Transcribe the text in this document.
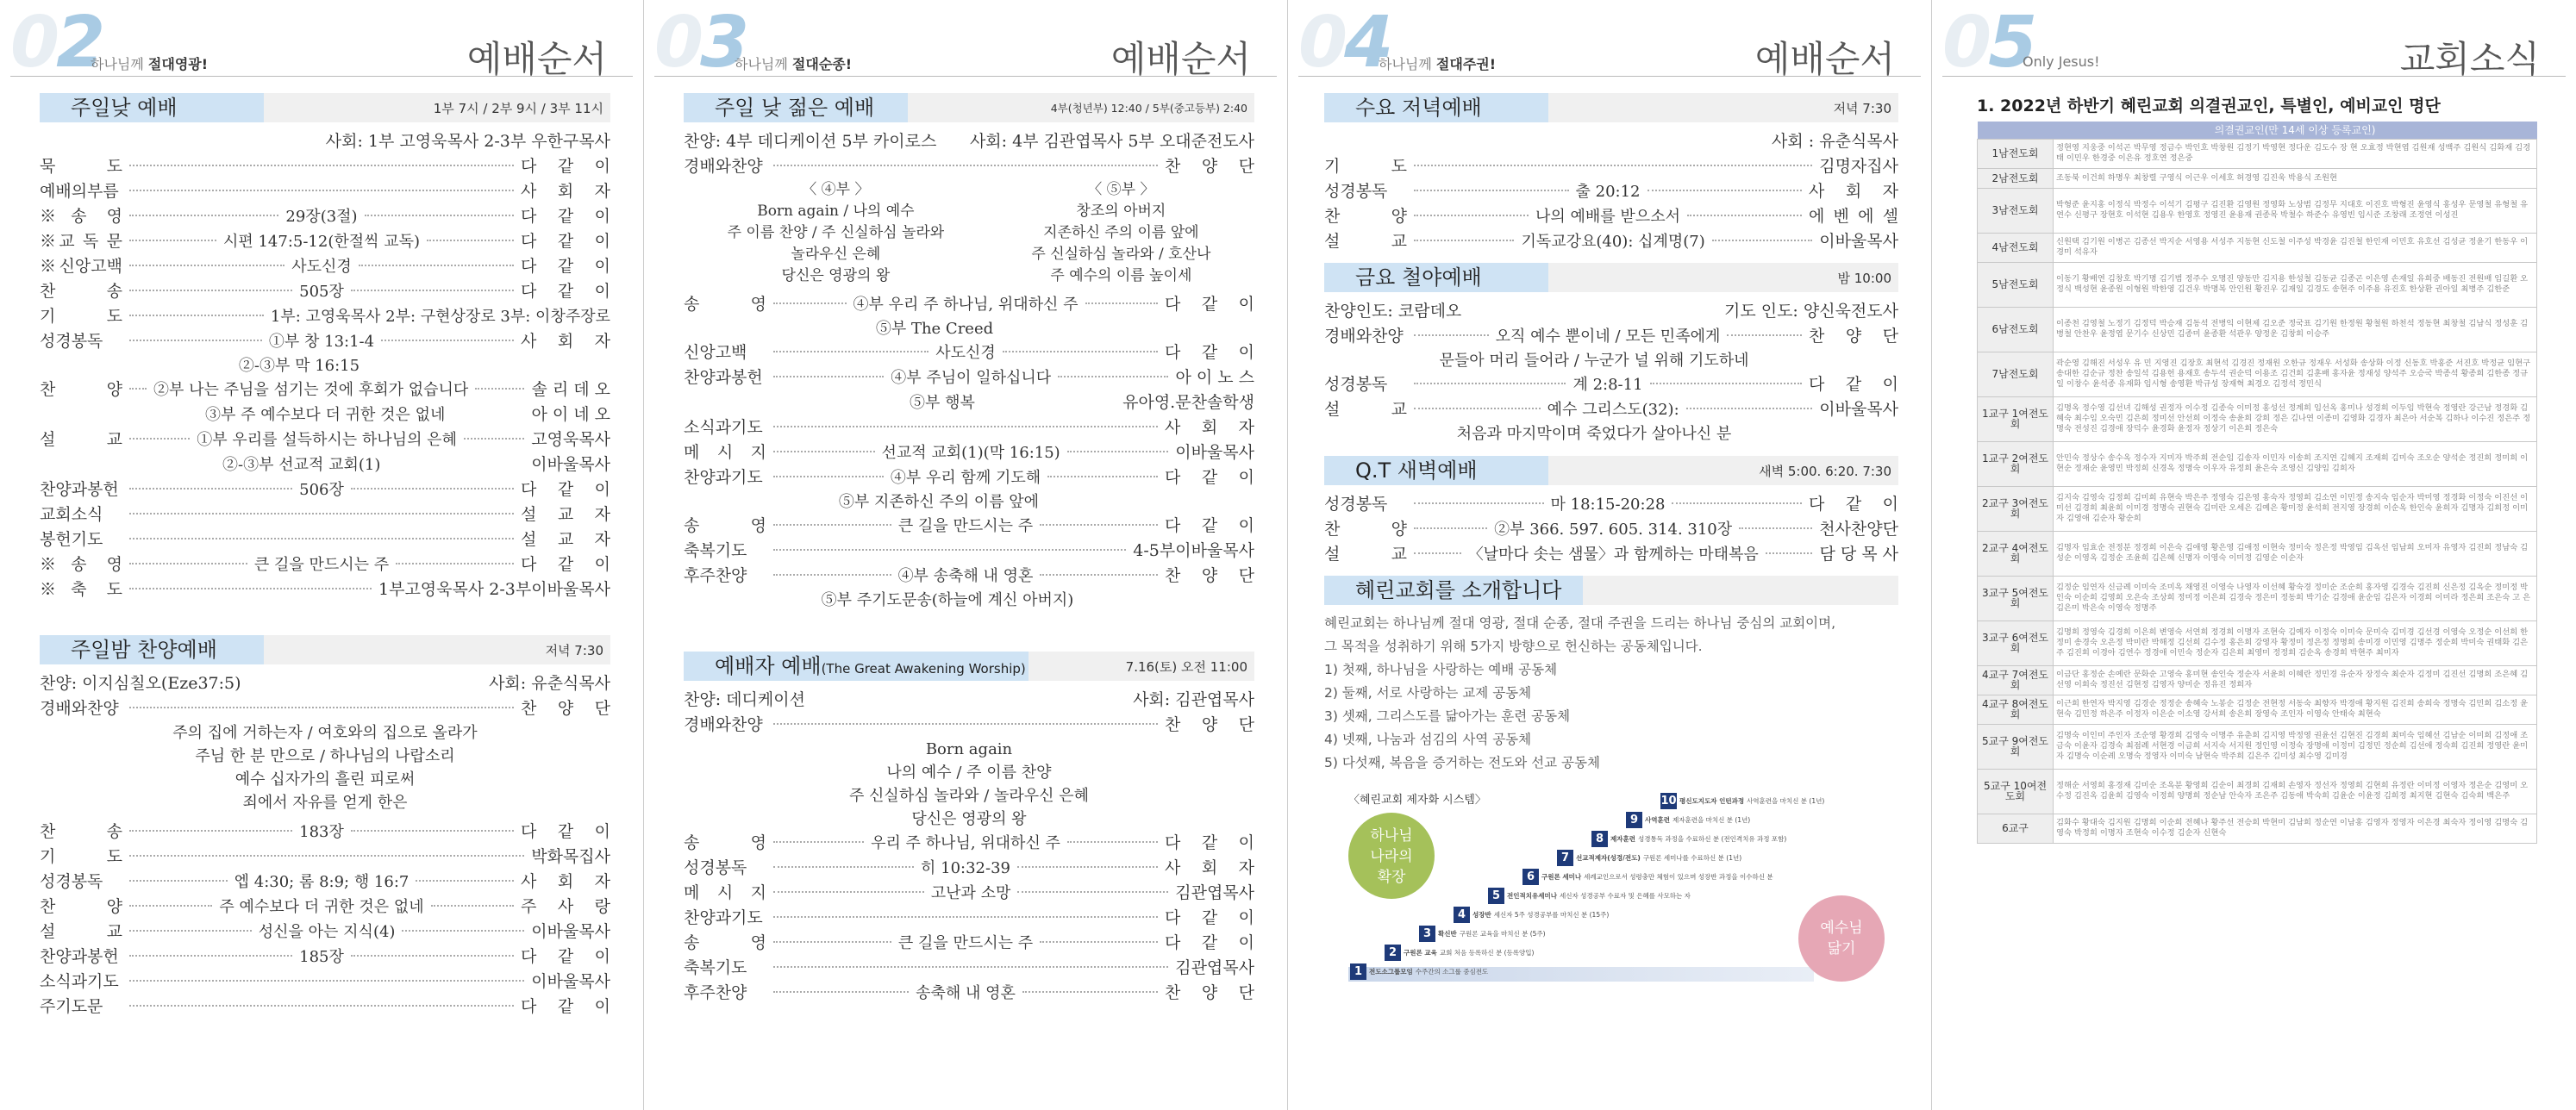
02
하나님께 절대영광!	예배순서
주일낮 예배	1부 7시 / 2부 9시 / 3부 11시
사회: 1부 고영욱목사 2-3부 우한구목사
묵 도	다 같 이
예배의부름	사 회 자
※송 영	29장(3절)	다 같 이
※교 독 문	시편 147:5-12(한절씩 교독)	다 같 이
※신앙고백	사도신경	다 같 이
찬 송	505장	다 같 이
기 도	1부: 고영욱목사 2부: 구현상장로 3부: 이창주장로
성경봉독	①부 창 13:1-4	사 회 자
②-③부 막 16:15
찬 양 ②부 나는 주님을 섬기는 것에 후회가 없습니다	솔 리 데 오
③부 주 예수보다 더 귀한 것은 없네	아 이 네 오
설 교	①부 우리를 설득하시는 하나님의 은혜	고영욱목사
②-③부 선교적 교회(1)	이바울목사
찬양과봉헌	506장	다 같 이
교회소식	설 교 자
봉헌기도	설 교 자
※송 영	큰 길을 만드시는 주	다 같 이
※축 도	1부고영욱목사 2-3부이바울목사
주일밤 찬양예배	저녁 7:30
찬양: 이지심칠오(Eze37:5)	사회: 유춘식목사
경배와찬양	찬 양 단
주의 집에 거하는자 / 여호와의 집으로 올라가
주님 한 분 만으로 / 하나님의 나랍소리
예수 십자가의 흘린 피로써
죄에서 자유를 얻게 한은
찬 송	183장	다 같 이
기 도	박화목집사
성경봉독	엡 4:30; 롬 8:9; 행 16:7	사 회 자
찬 양	주 예수보다 더 귀한 것은 없네	주 사 랑
설 교	성신을 아는 지식(4)	이바울목사
찬양과봉헌	185장	다 같 이
소식과기도	이바울목사
주기도문	다 같 이
03
하나님께 절대순종!	예배순서
주일 낮 젊은 예배	4부(청년부) 12:40 / 5부(중고등부) 2:40
찬양: 4부 데디케이션 5부 카이로스 사회: 4부 김관엽목사 5부 오대준전도사
경배와찬양	찬 양 단
〈 ④부 〉
Born again / 나의 예수
주 이름 찬양 / 주 신실하심 놀라와
놀라우신 은혜
당신은 영광의 왕
〈 ⑤부 〉
창조의 아버지
지존하신 주의 이름 앞에
주 신실하심 놀라와 / 호산나
주 예수의 이름 높이세
송 영	④부 우리 주 하나님, 위대하신 주	다 같 이
⑤부 The Creed
신앙고백	사도신경	다 같 이
찬양과봉헌	④부 주님이 일하십니다	아 이 노 스
⑤부 행복	유아영.문찬솔학생
소식과기도	사 회 자
메 시 지	선교적 교회(1)(막 16:15)	이바울목사
찬양과기도	④부 우리 함께 기도해	다 같 이
⑤부 지존하신 주의 이름 앞에
송 영	큰 길을 만드시는 주	다 같 이
축복기도	4-5부이바울목사
후주찬양	④부 송축해 내 영혼	찬 양 단
⑤부 주기도문송(하늘에 계신 아버지)
예배자 예배(The Great Awakening Worship)	7.16(토) 오전 11:00
찬양: 데디케이션	사회: 김관엽목사
경배와찬양	찬 양 단
Born again
나의 예수 / 주 이름 찬양
주 신실하심 놀라와 / 놀라우신 은혜
당신은 영광의 왕
송 영	우리 주 하나님, 위대하신 주	다 같 이
성경봉독	히 10:32-39	사 회 자
메 시 지	고난과 소망	김관엽목사
찬양과기도	다 같 이
송 영	큰 길을 만드시는 주	다 같 이
축복기도	김관엽목사
후주찬양	송축해 내 영혼	찬 양 단
04
하나님께 절대주권!	예배순서
수요 저녁예배	저녁 7:30
사회 : 유춘식목사
기 도	김명자집사
성경봉독	출 20:12	사 회 자
찬 양	나의 예배를 받으소서	에 벤 에 셀
설 교	기독교강요(40): 십계명(7)	이바울목사
금요 철야예배	밤 10:00
찬양인도: 코람데오	기도 인도: 양신욱전도사
경배와찬양	오직 예수 뿐이네 / 모든 민족에게	찬 양 단
문들아 머리 들어라 / 누군가 널 위해 기도하네
성경봉독	계 2:8-11	다 같 이
설 교	예수 그리스도(32):	이바울목사
처음과 마지막이며 죽었다가 살아나신 분
Q.T 새벽예배	새벽 5:00. 6:20. 7:30
성경봉독	마 18:15-20:28	다 같 이
찬 양	②부 366. 597. 605. 314. 310장	천사찬양단
설 교	〈날마다 솟는 샘물〉과 함께하는 마태복음	담 당 목 사
혜린교회를 소개합니다
혜린교회는 하나님께 절대 영광, 절대 순종, 절대 주권을 드리는 하나님 중심의 교회이며,
그 목적을 성취하기 위해 5가지 방향으로 헌신하는 공동체입니다.
1) 첫째, 하나님을 사랑하는 예배 공동체
2) 둘째, 서로 사랑하는 교제 공동체
3) 셋째, 그리스도를 닮아가는 훈련 공동체
4) 넷째, 나눔과 섬김의 사역 공동체
5) 다섯째, 복음을 증거하는 전도와 선교 공동체
〈혜린교회 제자화 시스템〉
하나님
나라의
확장
1	전도소그룹모임 수주간의 소그룹 중심전도
2	구원론 교육 교회 처음 등록하신 분 (등록양입)
3	확신반 구원론 교육을 마치신 분 (5주)
4	성장반 세신자 5주 성경공부를 마치신 분 (15주)
5	전인적치유세미나 세신자 성경공부 수료자 및 은혜를 사모하는 자
6	구원론 세미나 세례교인으로서 성령충만 체험이 있으며 성장반 과정을 이수하신 분
7	선교적제자(성경/전도) 구원론 세미나를 수료하신 분 (1년)
8	제자훈련 성경통독 과정을 수료하신 분 (전인격치유 과정 포함)
9	사역훈련 제자훈련을 마치신 분 (1년)
10 평신도지도자 인턴과정 사역훈련을 마치신 분 (1년)
예수님
닮기
05
Only Jesus!	교회소식
1. 2022년 하반기 혜린교회 의결권교인, 특별인, 예비교인 명단
	의결권교인(만 14세 이상 등록교인)
1남전도회	정현영 지웅중 이석곤 박무영 정금수 박인호 박창원 김정기 박영현 정다운 김도수 장 현 오효정 박현엽 김원재 성백주 김원식 김화재 김경태 이민우 한경중 이은유 정호연 정은중
2남전도회	조동북 이건희 하명우 최창렬 구영식 이근우 이세호 허경영 김진욱 박용식 조원현
3남전도회	박형준 윤지홍 이정식 박정수 이석기 김평구 김진환 김영원 정영화 노상범 김정무 지대호 이진호 박형진 윤영식 홍성우 문영철 유형철 유연수 신평구 장현호 이석현 김용우 한영호 정영진 윤용재 권종목 박철수 하준수 유영빈 임시준 조창래 조정연 이성진
4남전도회	신원택 김기원 이병곤 김종선 박지순 서영용 서성주 지동현 신도철 이주성 박경윤 김진철 한인재 이민호 유호선 김성균 정윤기 한동우 이경미 석유자
5남전도회	이동기 황배연 김창호 박기명 김기범 정주수 오명진 양동만 김지용 한성철 김동균 김종곤 이은영 손재일 유희중 배동진 전원배 임길환 오정식 백성현 윤종원 이형원 박한영 김건우 박명복 안인원 황진우 김재일 김경도 송현주 이주용 유진호 한상환 권아일 최병주 김한준
6남전도회	이종천 김영철 노정기 김정덕 박승재 김동석 전병익 이현제 김오준 정국표 김기원 한정원 황철원 하천석 정동현 최창철 김남식 정성훈 김병철 안찬우 윤정엽 문기수 신상민 김종미 윤종환 석관우 양정운 김창희 이승주
7남전도회	곽순영 김해진 서성우 유 민 지영진 김장호 최현석 김경진 정재원 오한규 정재우 서성화 송상화 이정 신동호 박홍준 서진호 박정균 임현구 송대한 김순규 정찬 송일석 김용헌 용재호 송두석 권순덕 이용조 김건희 김훈배 홍자윤 정재성 양석주 오승국 박종석 황종희 김한종 정규일 이창수 윤석종 유재화 임시형 송영환 박규성 장재혁 최경오 김정석 정민식
1교구 1여전도회	김명옥 정수영 김선녀 김해성 권정자 이수정 김종숙 이미정 홍성선 정계희 임선옥 홍미나 성경희 이두임 박현숙 정영란 강근남 정경화 김혜숙 최수임 오숙민 김은희 정미선 안선희 이정숙 송윤희 강희 정은 김나연 이종미 김영화 김경자 최은아 서순복 김하나 이수진 정은주 정명숙 전성진 김경애 장덕수 윤경화 윤정자 정상기 이은희 정은숙
1교구 2여전도회	안민숙 정상수 송수옥 정수자 지미자 박주희 전순임 김송자 이민자 이송희 조지연 김혜지 조재희 김미숙 조오순 양석순 정진희 정미희 이현순 정재순 윤영민 박정희 신경옥 정명숙 이우자 유정희 윤은숙 조영신 김양임 김희자
2교구 3여전도회	김지숙 김영숙 김정희 김미희 유현숙 박은주 정영숙 김은영 홍숙자 정영희 김소연 이민정 송지숙 임순자 박미영 정경화 이정숙 이진선 이미선 김경희 최윤희 이미경 정명숙 권현숙 김미란 오세은 김예은 황미정 윤석희 전지영 장경희 이순옥 한인숙 윤희자 김명자 김희정 이미자 김영애 김순자 황순희
2교구 4여전도회	김명자 임효순 전정분 정경희 이은숙 김애영 황은영 김애정 이현숙 정미숙 정은정 박영임 김옥선 임남희 오미자 유영자 김진희 정남숙 김성순 이영옥 김정순 조윤희 김은혜 신명자 이영숙 이미정 김영순 이순자
3교구 5여전도회	김정순 임연자 신금례 이미숙 조미옥 채영진 이영숙 나영자 이선혜 황숙경 정미순 조순희 홍자영 김경숙 김진희 신은정 김옥순 정미정 박인숙 이순희 김영희 오은숙 조상희 정미정 이은희 김경숙 정은미 정동희 박기순 김경애 윤순임 김은자 이경희 이미라 정은희 조은숙 고 은 김은미 박은숙 이영숙 정명주
3교구 6여전도회	김명희 정영숙 김경희 이은희 변영숙 서연희 정경희 이명자 조현숙 김예자 이정숙 이미숙 문미숙 김미경 김선경 이영숙 오정순 이선희 한정미 송경숙 오은정 박미란 박해정 김선희 김수정 홍은희 강영자 황정미 정은정 정명희 송미경 이민영 김명주 정순희 박미숙 권태화 김은주 김진희 이경아 김연수 정경애 이민숙 정순자 김은희 최영미 정정희 김순옥 송경희 박현주 최미자
4교구 7여전도회	이금단 홍정순 손예란 문화순 고영숙 홍미현 송인숙 정순자 서윤희 이혜란 정민경 유순자 장정숙 최순자 김정미 김진선 김명희 조은혜 김선영 이희숙 정진선 김현정 김영자 양미순 정유진 정희자
4교구 8여전도회	이근희 한연자 박지영 김경순 정정순 송혜숙 노봉순 김정순 전현정 서동숙 최향자 박경애 황지원 김진희 송희숙 정명숙 김민희 김소정 윤현숙 김민정 하은주 이정자 이은순 이소영 강서희 송은희 장영숙 조인자 이영숙 안태숙 최현숙
5교구 9여전도회	김명숙 이인미 주인자 조순영 황경희 김영숙 이명주 유춘희 김지영 박정영 권윤선 김현진 김경희 최미숙 임혜선 김남순 이미희 김정애 조금숙 이윤자 김경숙 최점례 서현경 이금희 서지숙 서지원 정인영 이정숙 장명애 이정미 김정민 정순희 김선애 정숙희 김진희 정영란 윤미자 김명숙 이순례 오명숙 정영자 이미숙 남현숙 박주희 김은주 김미성 최수영 김미경
5교구 10여전도회	정해순 서영희 홍경재 김미순 조옥분 황영희 김순이 최경희 김재희 손영자 정선자 정영희 김현희 유정란 이미정 이영자 정은순 김영미 오수정 김진옥 김윤희 김영숙 이정희 양명희 정순남 안숙자 조은주 김동애 박숙희 김윤순 이윤정 김희정 최지현 김현숙 김숙희 백은주
6교구	김화수 황대숙 김지원 김명희 이순희 전혜나 황주선 전승희 박현미 김남희 정순연 이남홍 김영자 정영자 이은경 최숙자 정이영 김명숙 김영숙 박정희 이명자 조현숙 이수정 김순자 신현숙
